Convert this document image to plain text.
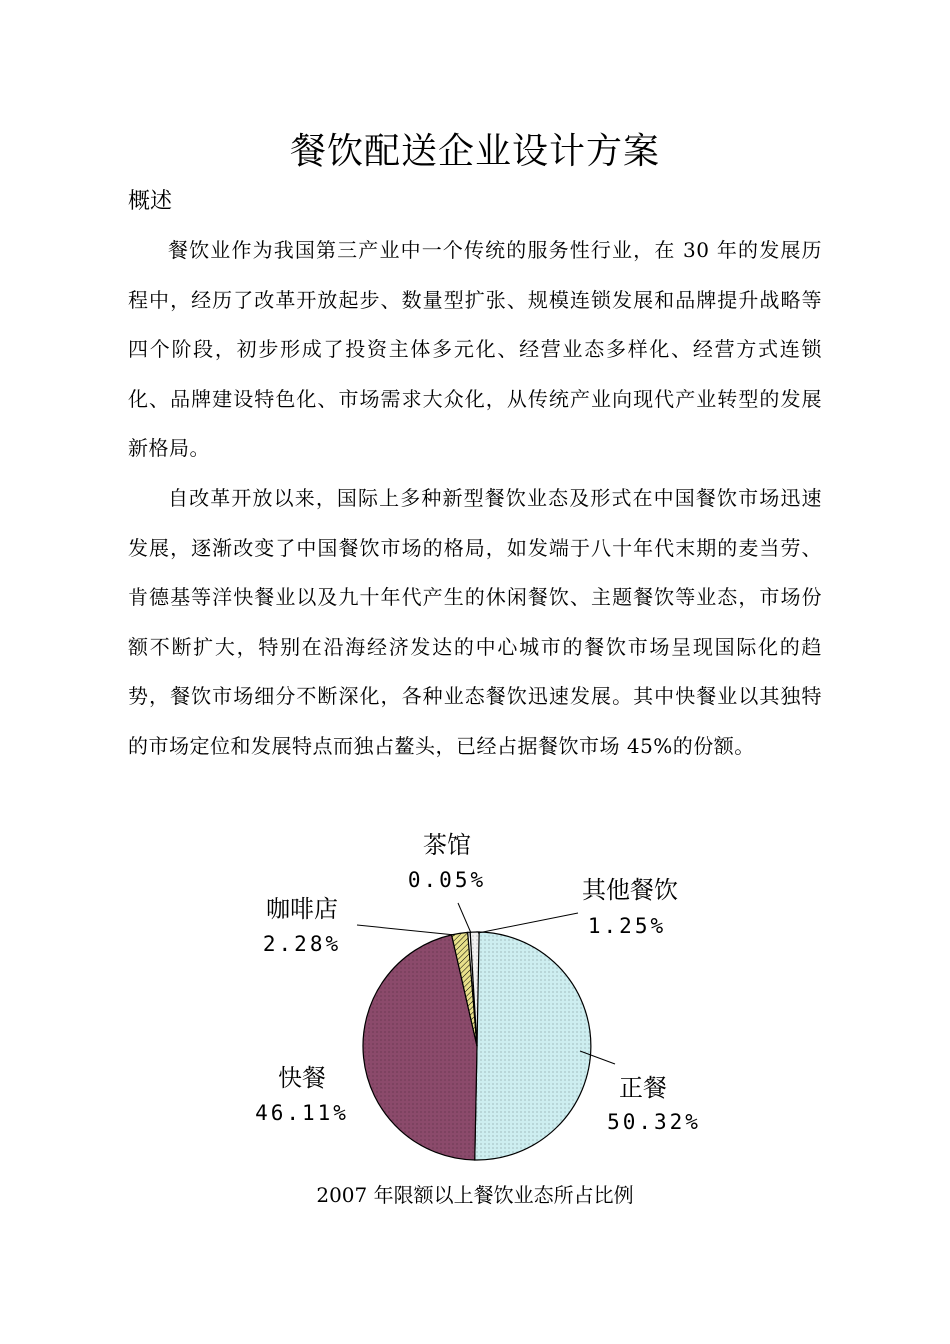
餐饮配送企业设计方案
概述

餐饮业作为我国第三产业中一个传统的服务性行业，在 30 年的发展历程中，经历了改革开放起步、数量型扩张、规模连锁发展和品牌提升战略等四个阶段，初步形成了投资主体多元化、经营业态多样化、经营方式连锁化、品牌建设特色化、市场需求大众化，从传统产业向现代产业转型的发展新格局。

自改革开放以来，国际上多种新型餐饮业态及形式在中国餐饮市场迅速发展，逐渐改变了中国餐饮市场的格局，如发端于八十年代末期的麦当劳、肯德基等洋快餐业以及九十年代产生的休闲餐饮、主题餐饮等业态，市场份额不断扩大，特别在沿海经济发达的中心城市的餐饮市场呈现国际化的趋势，餐饮市场细分不断深化，各种业态餐饮迅速发展。其中快餐业以其独特的市场定位和发展特点而独占鳌头，已经占据餐饮市场 45%的份额。

正餐
50.32%
快餐
46.11%
咖啡店
2.28%
茶馆
0.05%	其他餐饮
1.25%
2007 年限额以上餐饮业态所占比例
